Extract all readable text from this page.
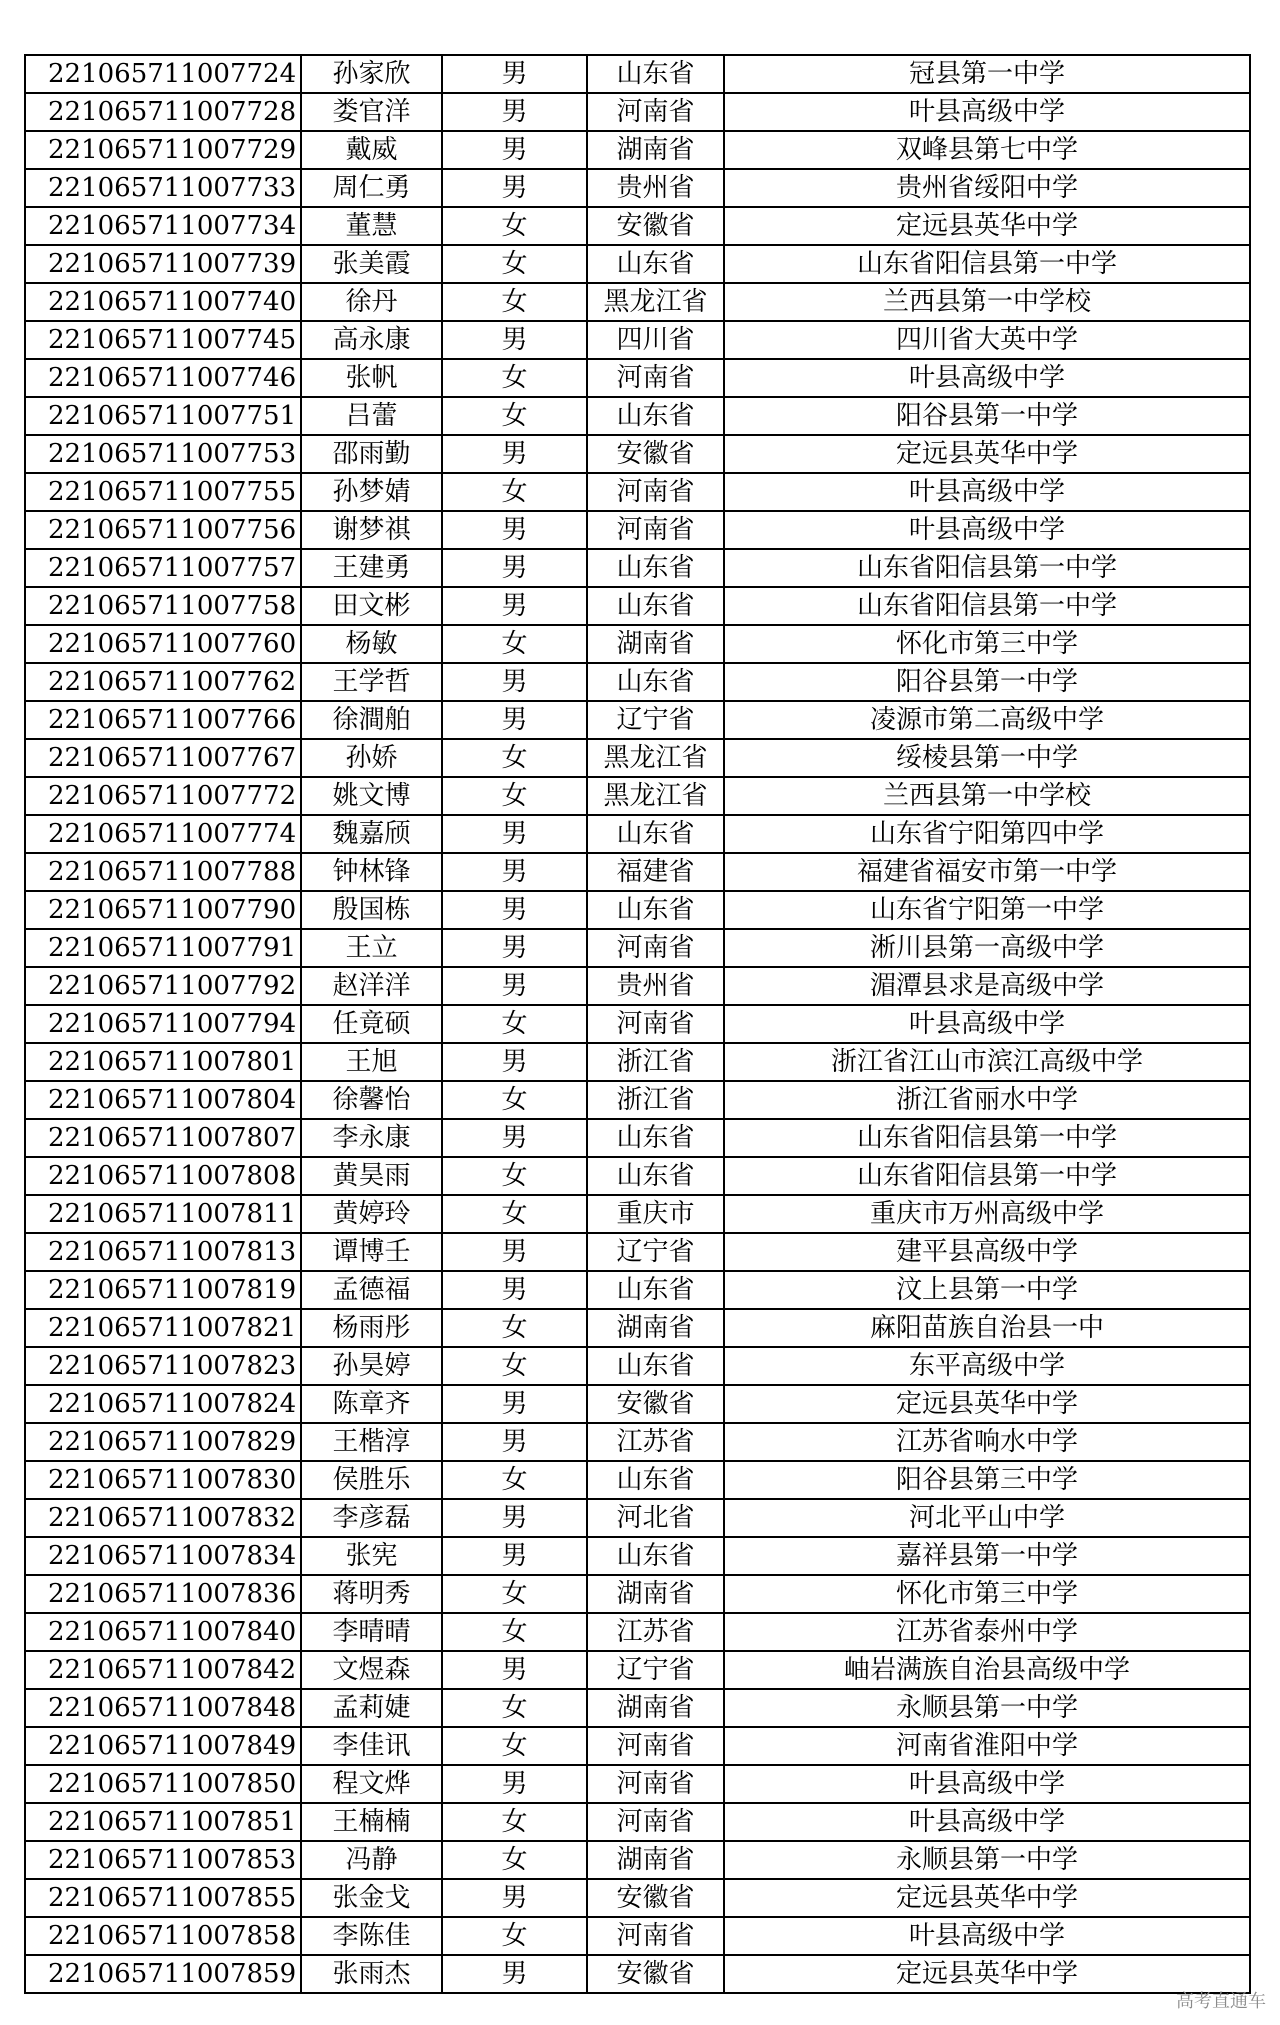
221065711007724	孙家欣	男	山东省	冠县第一中学
221065711007728	娄官洋	男	河南省	叶县高级中学
221065711007729	戴威	男	湖南省	双峰县第七中学
221065711007733	周仁勇	男	贵州省	贵州省绥阳中学
221065711007734	董慧	女	安徽省	定远县英华中学
221065711007739	张美霞	女	山东省	山东省阳信县第一中学
221065711007740	徐丹	女	黑龙江省	兰西县第一中学校
221065711007745	高永康	男	四川省	四川省大英中学
221065711007746	张帆	女	河南省	叶县高级中学
221065711007751	吕蕾	女	山东省	阳谷县第一中学
221065711007753	邵雨勤	男	安徽省	定远县英华中学
221065711007755	孙梦婧	女	河南省	叶县高级中学
221065711007756	谢梦祺	男	河南省	叶县高级中学
221065711007757	王建勇	男	山东省	山东省阳信县第一中学
221065711007758	田文彬	男	山东省	山东省阳信县第一中学
221065711007760	杨敏	女	湖南省	怀化市第三中学
221065711007762	王学哲	男	山东省	阳谷县第一中学
221065711007766	徐澗舶	男	辽宁省	凌源市第二高级中学
221065711007767	孙娇	女	黑龙江省	绥棱县第一中学
221065711007772	姚文博	女	黑龙江省	兰西县第一中学校
221065711007774	魏嘉颀	男	山东省	山东省宁阳第四中学
221065711007788	钟林锋	男	福建省	福建省福安市第一中学
221065711007790	殷国栋	男	山东省	山东省宁阳第一中学
221065711007791	王立	男	河南省	淅川县第一高级中学
221065711007792	赵洋洋	男	贵州省	湄潭县求是高级中学
221065711007794	任竟硕	女	河南省	叶县高级中学
221065711007801	王旭	男	浙江省	浙江省江山市滨江高级中学
221065711007804	徐馨怡	女	浙江省	浙江省丽水中学
221065711007807	李永康	男	山东省	山东省阳信县第一中学
221065711007808	黄昊雨	女	山东省	山东省阳信县第一中学
221065711007811	黄婷玲	女	重庆市	重庆市万州高级中学
221065711007813	谭博壬	男	辽宁省	建平县高级中学
221065711007819	孟德福	男	山东省	汶上县第一中学
221065711007821	杨雨彤	女	湖南省	麻阳苗族自治县一中
221065711007823	孙昊婷	女	山东省	东平高级中学
221065711007824	陈章齐	男	安徽省	定远县英华中学
221065711007829	王楷淳	男	江苏省	江苏省响水中学
221065711007830	侯胜乐	女	山东省	阳谷县第三中学
221065711007832	李彦磊	男	河北省	河北平山中学
221065711007834	张宪	男	山东省	嘉祥县第一中学
221065711007836	蒋明秀	女	湖南省	怀化市第三中学
221065711007840	李晴晴	女	江苏省	江苏省泰州中学
221065711007842	文煜森	男	辽宁省	岫岩满族自治县高级中学
221065711007848	孟莉婕	女	湖南省	永顺县第一中学
221065711007849	李佳讯	女	河南省	河南省淮阳中学
221065711007850	程文烨	男	河南省	叶县高级中学
221065711007851	王楠楠	女	河南省	叶县高级中学
221065711007853	冯静	女	湖南省	永顺县第一中学
221065711007855	张金戈	男	安徽省	定远县英华中学
221065711007858	李陈佳	女	河南省	叶县高级中学
221065711007859	张雨杰	男	安徽省	定远县英华中学
高考直通车
